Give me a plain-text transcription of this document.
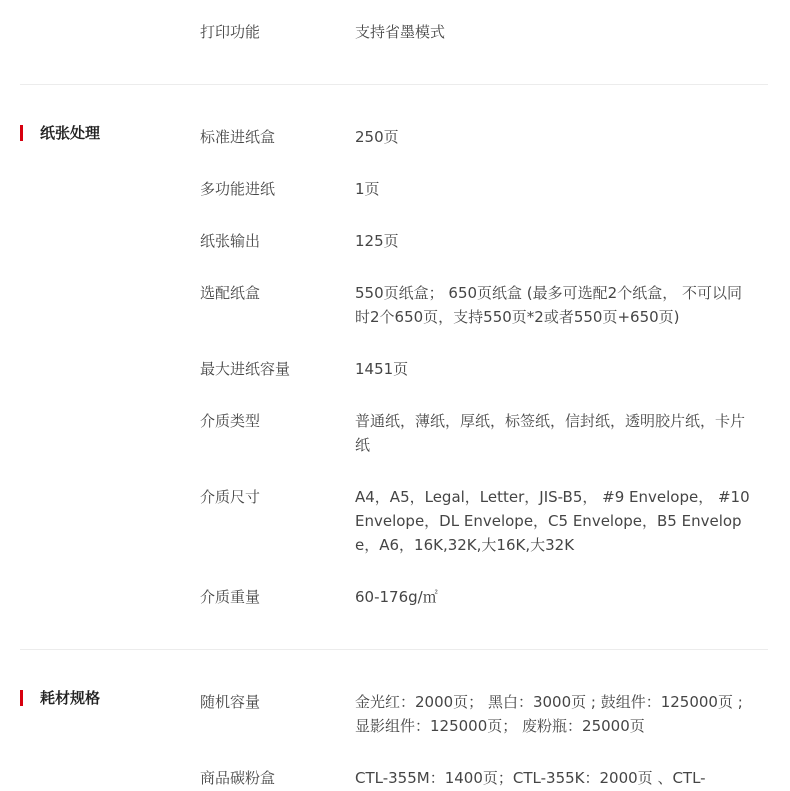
打印功能	支持省墨模式
纸张处理	标准进纸盒	250页
多功能进纸	1页
纸张输出	125页
选配纸盒	550页纸盒； 650页纸盒 (最多可选配2个纸盒， 不可以同时2个650页，支持550页*2或者550页+650页)
最大进纸容量	1451页
介质类型	普通纸，薄纸，厚纸，标签纸，信封纸，透明胶片纸，卡片纸
介质尺寸	A4，A5，Legal，Letter，JIS-B5， #9 Envelope， #10 Envelope，DL Envelope，C5 Envelope，B5 Envelope，A6，16K,32K,大16K,大32K
介质重量	60-176g/㎡
耗材规格	随机容量	金光红：2000页； 黑白：3000页 ; 鼓组件：125000页 ; 显影组件：125000页； 废粉瓶：25000页
商品碳粉盒	CTL-355M：1400页；CTL-355K：2000页 、CTL-
